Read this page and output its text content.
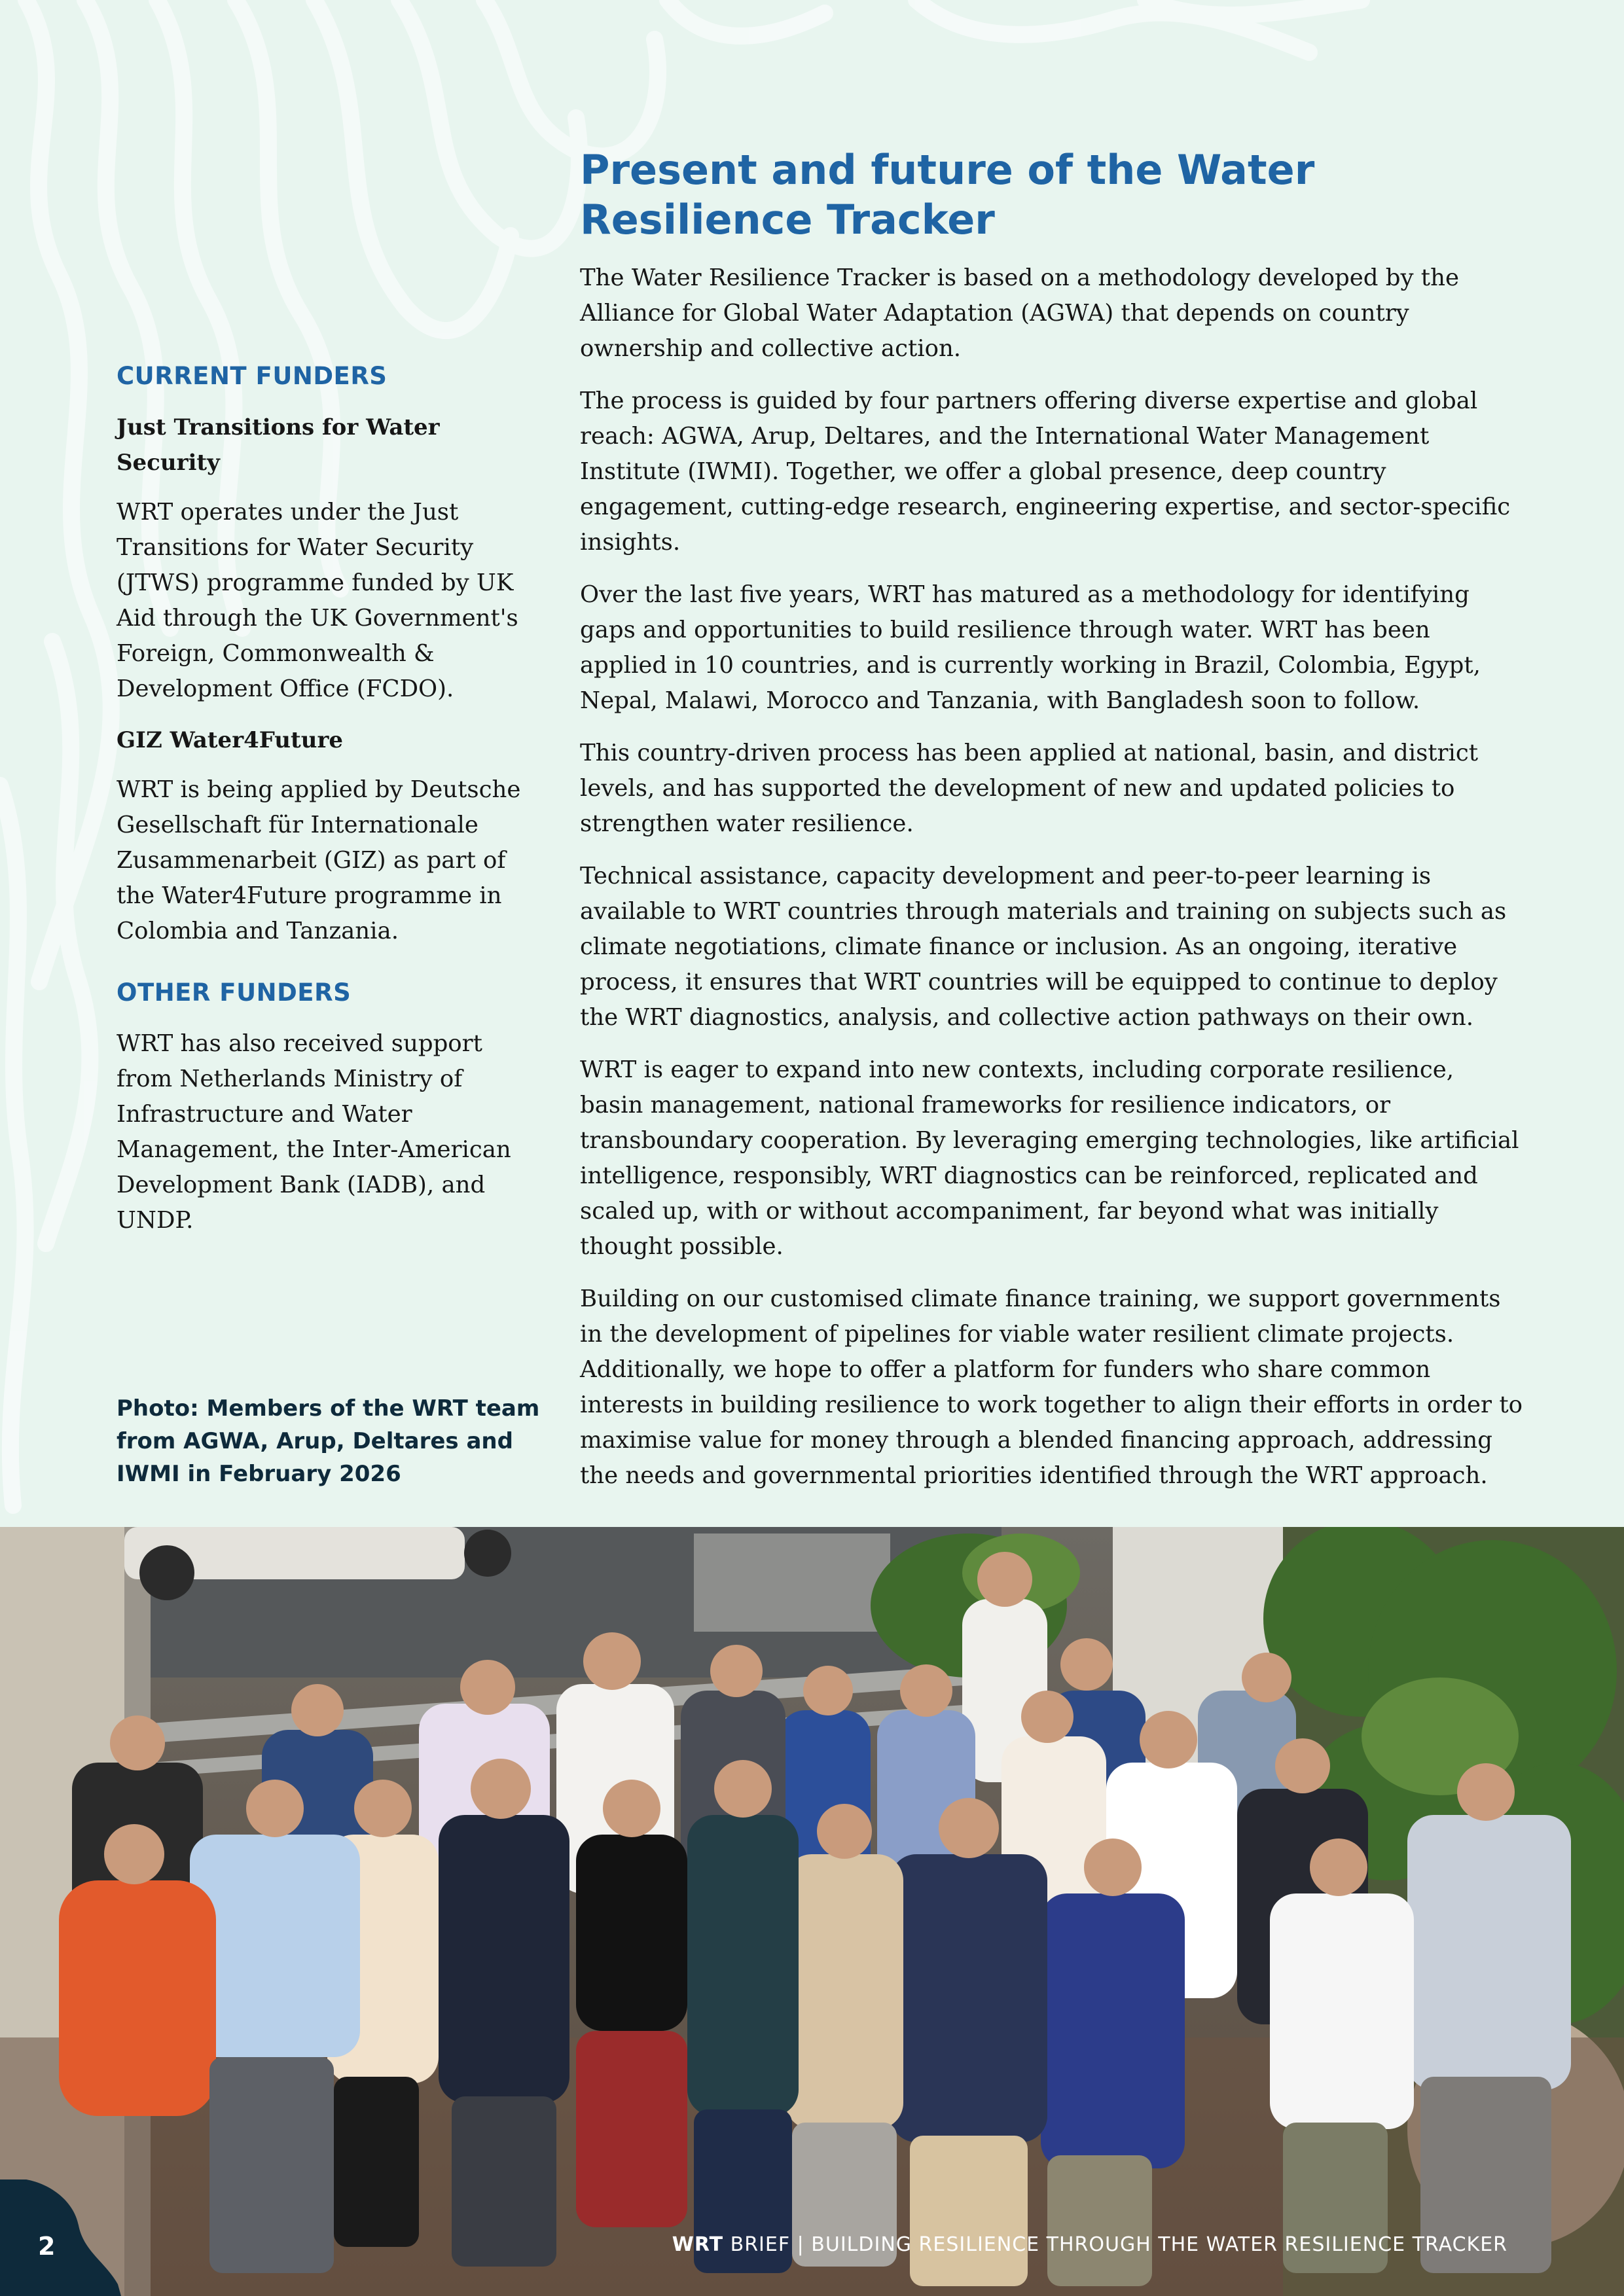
Present and future of the Water Resilience Tracker

The Water Resilience Tracker is based on a methodology developed by the Alliance for Global Water Adaptation (AGWA) that depends on country ownership and collective action.

The process is guided by four partners offering diverse expertise and global reach: AGWA, Arup, Deltares, and the International Water Management Institute (IWMI). Together, we offer a global presence, deep country engagement, cutting-edge research, engineering expertise, and sector-specific insights.

Over the last five years, WRT has matured as a methodology for identifying gaps and opportunities to build resilience through water. WRT has been applied in 10 countries, and is currently working in Brazil, Colombia, Egypt, Nepal, Malawi, Morocco and Tanzania, with Bangladesh soon to follow.

This country-driven process has been applied at national, basin, and district levels, and has supported the development of new and updated policies to strengthen water resilience.

Technical assistance, capacity development and peer-to-peer learning is available to WRT countries through materials and training on subjects such as climate negotiations, climate finance or inclusion. As an ongoing, iterative process, it ensures that WRT countries will be equipped to continue to deploy the WRT diagnostics, analysis, and collective action pathways on their own.

WRT is eager to expand into new contexts, including corporate resilience, basin management, national frameworks for resilience indicators, or transboundary cooperation. By leveraging emerging technologies, like artificial intelligence, responsibly, WRT diagnostics can be reinforced, replicated and scaled up, with or without accompaniment, far beyond what was initially thought possible.

Building on our customised climate finance training, we support governments in the development of pipelines for viable water resilient climate projects. Additionally, we hope to offer a platform for funders who share common interests in building resilience to work together to align their efforts in order to maximise value for money through a blended financing approach, addressing the needs and governmental priorities identified through the WRT approach.

CURRENT FUNDERS
Just Transitions for Water Security

WRT operates under the Just Transitions for Water Security (JTWS) programme funded by UK Aid through the UK Government's Foreign, Commonwealth & Development Office (FCDO).

GIZ Water4Future

WRT is being applied by Deutsche Gesellschaft für Internationale Zusammenarbeit (GIZ) as part of the Water4Future programme in Colombia and Tanzania.

OTHER FUNDERS

WRT has also received support from Netherlands Ministry of Infrastructure and Water Management, the Inter-American Development Bank (IADB), and UNDP.

Photo: Members of the WRT team from AGWA, Arup, Deltares and IWMI in February 2026

2	WRT BRIEF | BUILDING RESILIENCE THROUGH THE WATER RESILIENCE TRACKER
